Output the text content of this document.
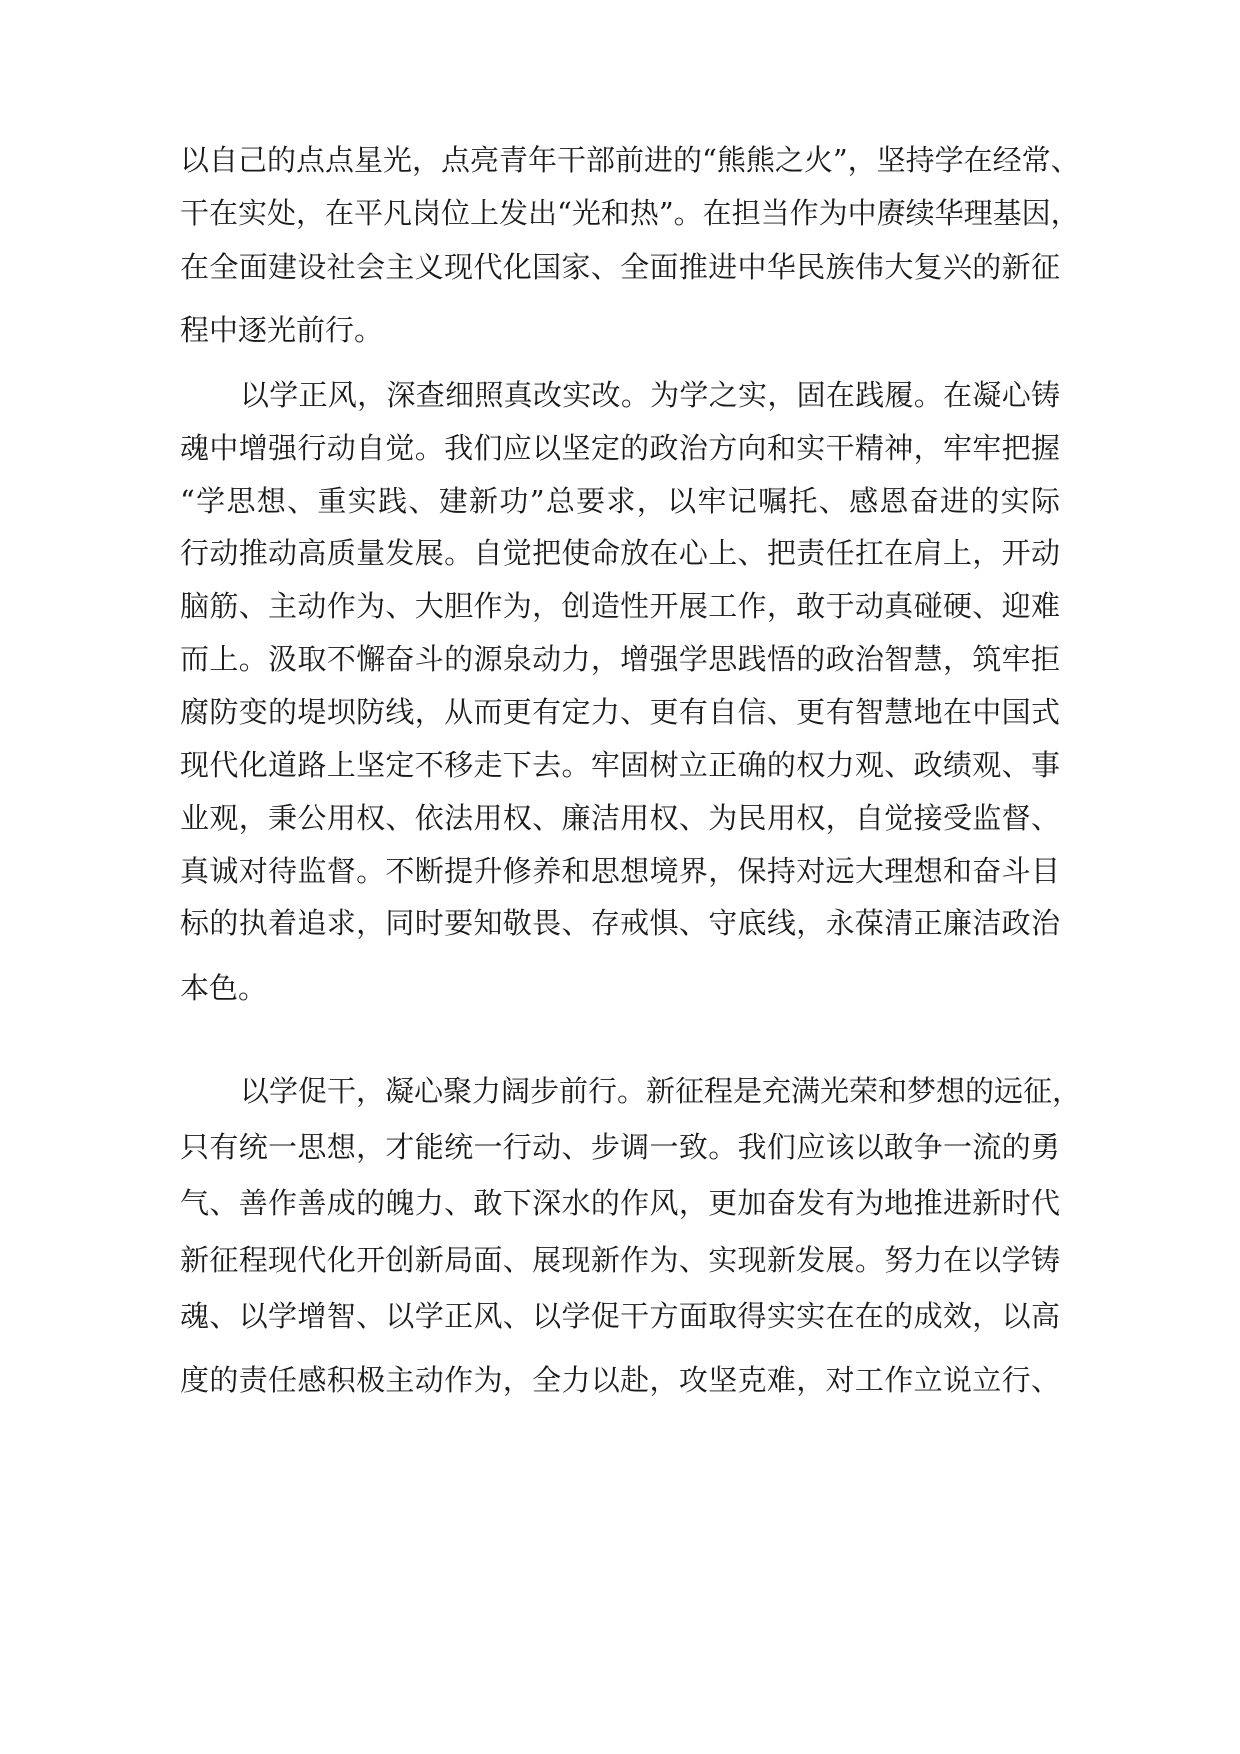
以自己的点点星光，点亮青年干部前进的“熊熊之火”，坚持学在经常、

干在实处，在平凡岗位上发出“光和热”。在担当作为中赓续华理基因，

在全面建设社会主义现代化国家、全面推进中华民族伟大复兴的新征

程中逐光前行。

以学正风，深查细照真改实改。为学之实，固在践履。在凝心铸

魂中增强行动自觉。我们应以坚定的政治方向和实干精神，牢牢把握

“学思想、重实践、建新功”总要求，以牢记嘱托、感恩奋进的实际

行动推动高质量发展。自觉把使命放在心上、把责任扛在肩上，开动

脑筋、主动作为、大胆作为，创造性开展工作，敢于动真碰硬、迎难

而上。汲取不懈奋斗的源泉动力，增强学思践悟的政治智慧，筑牢拒

腐防变的堤坝防线，从而更有定力、更有自信、更有智慧地在中国式

现代化道路上坚定不移走下去。牢固树立正确的权力观、政绩观、事

业观，秉公用权、依法用权、廉洁用权、为民用权，自觉接受监督、

真诚对待监督。不断提升修养和思想境界，保持对远大理想和奋斗目

标的执着追求，同时要知敬畏、存戒惧、守底线，永葆清正廉洁政治

本色。

以学促干，凝心聚力阔步前行。新征程是充满光荣和梦想的远征，

只有统一思想，才能统一行动、步调一致。我们应该以敢争一流的勇

气、善作善成的魄力、敢下深水的作风，更加奋发有为地推进新时代

新征程现代化开创新局面、展现新作为、实现新发展。努力在以学铸

魂、以学增智、以学正风、以学促干方面取得实实在在的成效，以高

度的责任感积极主动作为，全力以赴，攻坚克难，对工作立说立行、
